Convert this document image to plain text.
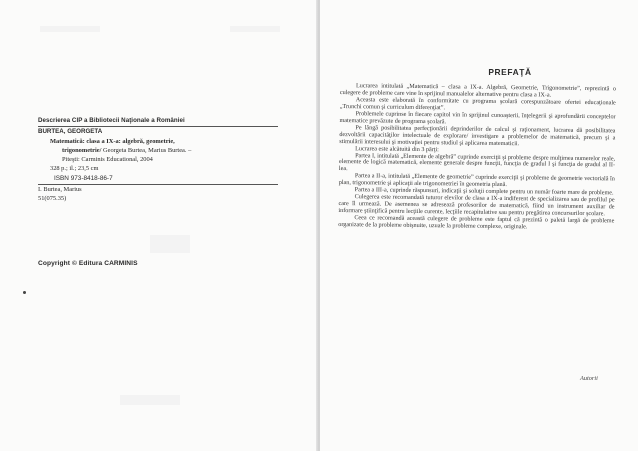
Descrierea CIP a Bibliotecii Naţionale a României
BURTEA, GEORGETA
Matematică: clasa a IX-a: algebră, geometrie,
trigonometrie/ Georgeta Burtea, Marius Burtea. –
Piteşti: Carminis Educational, 2004
328 p.; il.; 23,5 cm
ISBN 973-8418-86-7
I. Burtea, Marius
51(075.35)
Copyright © Editura CARMINIS
PREFAŢĂ

Lucrarea intitulată „Matematică – clasa a IX-a. Algebră, Geometrie, Trigonometrie”, reprezintă o culegere de probleme care vine în sprijinul manualelor alternative pentru clasa a IX-a.

Aceasta este elaborată în conformitate cu programa şcolară corespunzătoare ofertei educaţionale „Trunchi comun şi curriculum diferenţiat”.

Problemele cuprinse în fiecare capitol vin în sprijinul cunoaşterii, înţelegerii şi aprofundării conceptelor matematice prevăzute de programa şcolară.

Pe lângă posibilitatea perfecţionării deprinderilor de calcul şi raţionament, lucrarea dă posibilitatea dezvoltării capacităţilor intelectuale de explorare/ investigare a problemelor de matematică, precum şi a stimulării interesului şi motivaţiei pentru studiul şi aplicarea matematicii.

Lucrarea este alcătuită din 3 părţi:

Partea I, intitulată „Elemente de algebră” cuprinde exerciţii şi probleme despre mulţimea numerelor reale, elemente de logică matematică, elemente generale despre funcţii, funcţia de gradul I şi funcţia de gradul al II-lea.

Partea a II-a, intitulată „Elemente de geometrie” cuprinde exerciţii şi probleme de geometrie vectorială în plan, trigonometrie şi aplicaţii ale trigonometriei în geometria plană.

Partea a III-a, cuprinde răspunsuri, indicaţii şi soluţii complete pentru un număr foarte mare de probleme.

Culegerea este recomandată tuturor elevilor de clasa a IX-a indiferent de specializarea sau de profilul pe care îl urmează. De asemenea se adresează profesorilor de matematică, fiind un instrument auxiliar de informare ştiinţifică pentru lecţiile curente, lecţiile recapitulative sau pentru pregătirea concursurilor şcolare.

Ceea ce recomandă această culegere de probleme este faptul că prezintă o paletă largă de probleme organizate de la probleme obişnuite, uzuale la probleme complexe, originale.

Autorii
